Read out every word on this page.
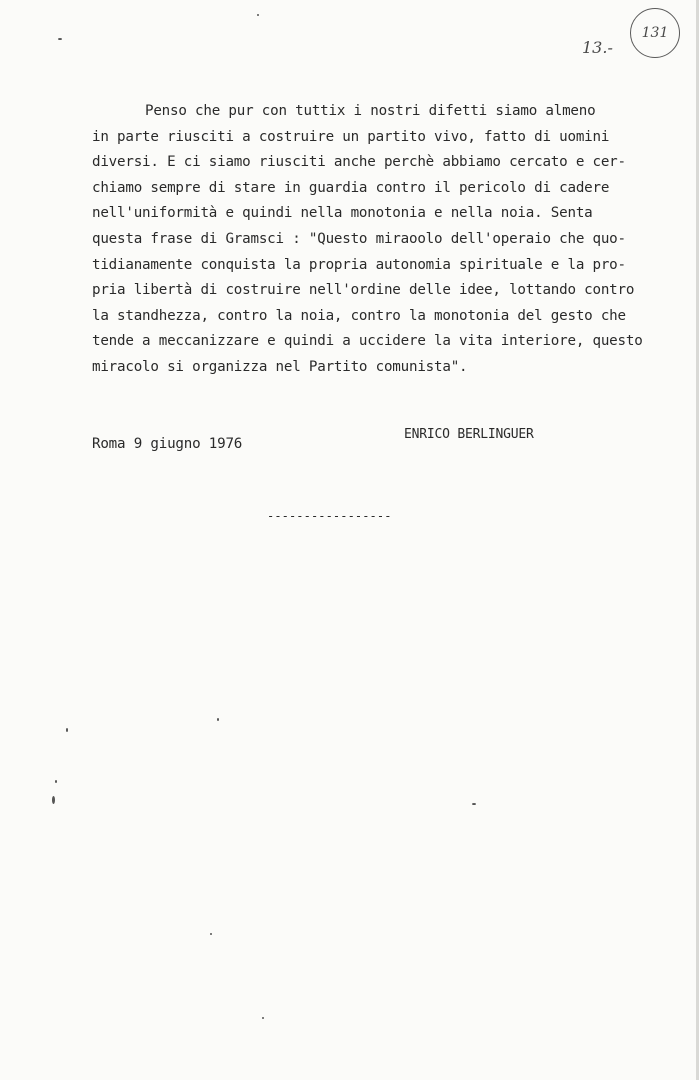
131
13.-
Penso che pur con tuttix i nostri difetti siamo almeno
in parte riusciti a costruire un partito vivo, fatto di uomini
diversi. E ci siamo riusciti anche perchè abbiamo cercato e cer-
chiamo sempre di stare in guardia contro il pericolo di cadere
nell'uniformità e quindi nella monotonia e nella noia. Senta
questa frase di Gramsci : "Questo miraoolo dell'operaio che quo-
tidianamente conquista la propria autonomia spirituale e la pro-
pria libertà di costruire nell'ordine delle idee, lottando contro
la standhezza, contro la noia, contro la monotonia del gesto che
tende a meccanizzare e quindi a uccidere la vita interiore, questo
miracolo si organizza nel Partito comunista".
Roma 9 giugno 1976
ENRICO BERLINGUER
-----------------
